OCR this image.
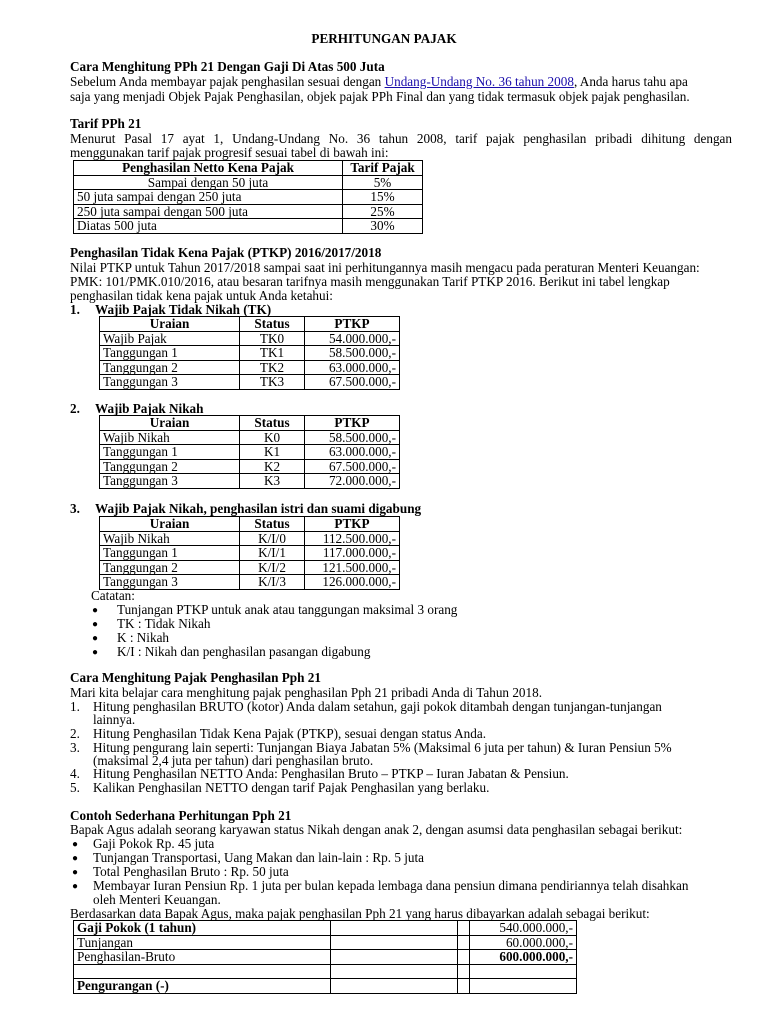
PERHITUNGAN PAJAK
Cara Menghitung PPh 21 Dengan Gaji Di Atas 500 Juta
Sebelum Anda membayar pajak penghasilan sesuai dengan Undang-Undang No. 36 tahun 2008, Anda harus tahu apa
saja yang menjadi Objek Pajak Penghasilan, objek pajak PPh Final dan yang tidak termasuk objek pajak penghasilan.
Tarif PPh 21
Menurut Pasal 17 ayat 1, Undang-Undang No. 36 tahun 2008, tarif pajak penghasilan pribadi dihitung dengan
menggunakan tarif pajak progresif sesuai tabel di bawah ini:
Penghasilan Netto Kena Pajak	Tarif Pajak
Sampai dengan 50 juta	5%
50 juta sampai dengan 250 juta	15%
250 juta sampai dengan 500 juta	25%
Diatas 500 juta	30%
Penghasilan Tidak Kena Pajak (PTKP) 2016/2017/2018
Nilai PTKP untuk Tahun 2017/2018 sampai saat ini perhitungannya masih mengacu pada peraturan Menteri Keuangan:
PMK: 101/PMK.010/2016, atau besaran tarifnya masih menggunakan Tarif PTKP 2016. Berikut ini tabel lengkap
penghasilan tidak kena pajak untuk Anda ketahui:
1. Wajib Pajak Tidak Nikah (TK)
Uraian	Status	PTKP
Wajib Pajak	TK0	54.000.000,-
Tanggungan 1	TK1	58.500.000,-
Tanggungan 2	TK2	63.000.000,-
Tanggungan 3	TK3	67.500.000,-
2. Wajib Pajak Nikah
Uraian	Status	PTKP
Wajib Nikah	K0	58.500.000,-
Tanggungan 1	K1	63.000.000,-
Tanggungan 2	K2	67.500.000,-
Tanggungan 3	K3	72.000.000,-
3. Wajib Pajak Nikah, penghasilan istri dan suami digabung
Uraian	Status	PTKP
Wajib Nikah	K/I/0	112.500.000,-
Tanggungan 1	K/I/1	117.000.000,-
Tanggungan 2	K/I/2	121.500.000,-
Tanggungan 3	K/I/3	126.000.000,-
Catatan:
● Tunjangan PTKP untuk anak atau tanggungan maksimal 3 orang
● TK : Tidak Nikah
● K : Nikah
● K/I : Nikah dan penghasilan pasangan digabung
Cara Menghitung Pajak Penghasilan Pph 21
Mari kita belajar cara menghitung pajak penghasilan Pph 21 pribadi Anda di Tahun 2018.
1. Hitung penghasilan BRUTO (kotor) Anda dalam setahun, gaji pokok ditambah dengan tunjangan-tunjangan
lainnya.
2. Hitung Penghasilan Tidak Kena Pajak (PTKP), sesuai dengan status Anda.
3. Hitung pengurang lain seperti: Tunjangan Biaya Jabatan 5% (Maksimal 6 juta per tahun) & Iuran Pensiun 5%
(maksimal 2,4 juta per tahun) dari penghasilan bruto.
4. Hitung Penghasilan NETTO Anda: Penghasilan Bruto – PTKP – Iuran Jabatan & Pensiun.
5. Kalikan Penghasilan NETTO dengan tarif Pajak Penghasilan yang berlaku.
Contoh Sederhana Perhitungan Pph 21
Bapak Agus adalah seorang karyawan status Nikah dengan anak 2, dengan asumsi data penghasilan sebagai berikut:
● Gaji Pokok Rp. 45 juta
● Tunjangan Transportasi, Uang Makan dan lain-lain : Rp. 5 juta
● Total Penghasilan Bruto : Rp. 50 juta
● Membayar Iuran Pensiun Rp. 1 juta per bulan kepada lembaga dana pensiun dimana pendiriannya telah disahkan
oleh Menteri Keuangan.
Berdasarkan data Bapak Agus, maka pajak penghasilan Pph 21 yang harus dibayarkan adalah sebagai berikut:
Gaji Pokok (1 tahun)			540.000.000,-
Tunjangan			60.000.000,-
Penghasilan-Bruto			600.000.000,-

Pengurangan (-)			
